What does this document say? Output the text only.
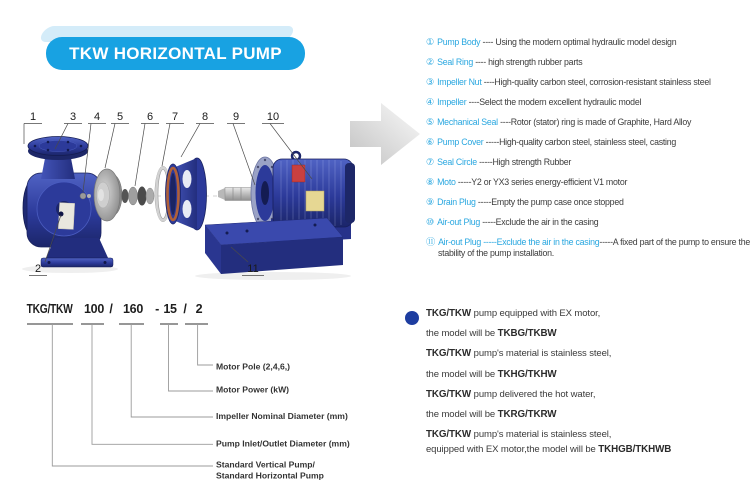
TKW HORIZONTAL PUMP
1	3 4 5 6 7 8 9	10
2	11
① Pump Body ---- Using the modern optimal hydraulic model design
② Seal Ring ---- high strength rubber parts
③ Impeller Nut ----High-quality carbon steel, corrosion-resistant stainless steel
④ Impeller ----Select the modern excellent hydraulic model
⑤ Mechanical Seal ----Rotor (stator) ring is made of Graphite, Hard Alloy
⑥ Pump Cover -----High-quality carbon steel, stainless steel, casting
⑦ Seal Circle -----High strength Rubber
⑧ Moto -----Y2 or YX3 series energy-efficient V1 motor
⑨ Drain Plug -----Empty the pump case once stopped
⑩ Air-out Plug -----Exclude the air in the casing
⑪ Air-out Plug -----Exclude the air in the casing-----A fixed part of the pump to ensure the stability of the pump installation.
TKG/TKW 100 / 160 - 15 / 2
Motor Pole (2,4,6,)
Motor Power (kW)
Impeller Nominal Diameter (mm)
Pump Inlet/Outlet Diameter (mm)
Standard Vertical Pump/
Standard Horizontal Pump
TKG/TKW pump equipped with EX motor,
the model will be TKBG/TKBW
TKG/TKW pump's material is stainless steel,
the model will be TKHG/TKHW
TKG/TKW pump delivered the hot water,
the model will be TKRG/TKRW
TKG/TKW pump's material is stainless steel,
equipped with EX motor,the model will be TKHGB/TKHWB
